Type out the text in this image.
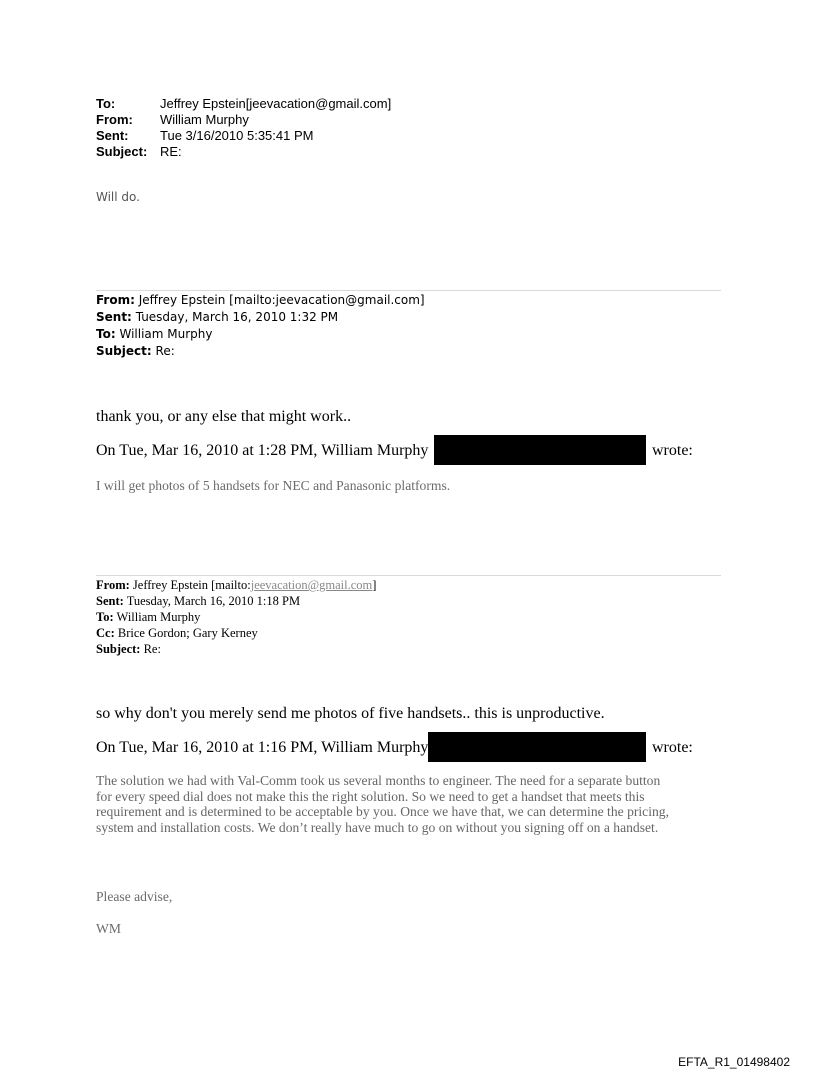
To:	Jeffrey Epstein[jeevacation@gmail.com]
From:	William Murphy
Sent:	Tue 3/16/2010 5:35:41 PM
Subject: RE:
Will do.
From: Jeffrey Epstein [mailto:jeevacation@gmail.com]
Sent: Tuesday, March 16, 2010 1:32 PM
To: William Murphy
Subject: Re:
thank you, or any else that might work..
On Tue, Mar 16, 2010 at 1:28 PM, William Murphy	wrote:
I will get photos of 5 handsets for NEC and Panasonic platforms.
From: Jeffrey Epstein [mailto:jeevacation@gmail.com]
Sent: Tuesday, March 16, 2010 1:18 PM
To: William Murphy
Cc: Brice Gordon; Gary Kerney
Subject: Re:
so why don't you merely send me photos of five handsets.. this is unproductive.
On Tue, Mar 16, 2010 at 1:16 PM, William Murphy	wrote:
The solution we had with Val-Comm took us several months to engineer. The need for a separate button
for every speed dial does not make this the right solution. So we need to get a handset that meets this
requirement and is determined to be acceptable by you. Once we have that, we can determine the pricing,
system and installation costs. We don’t really have much to go on without you signing off on a handset.
Please advise,
WM
EFTA_R1_01498402
